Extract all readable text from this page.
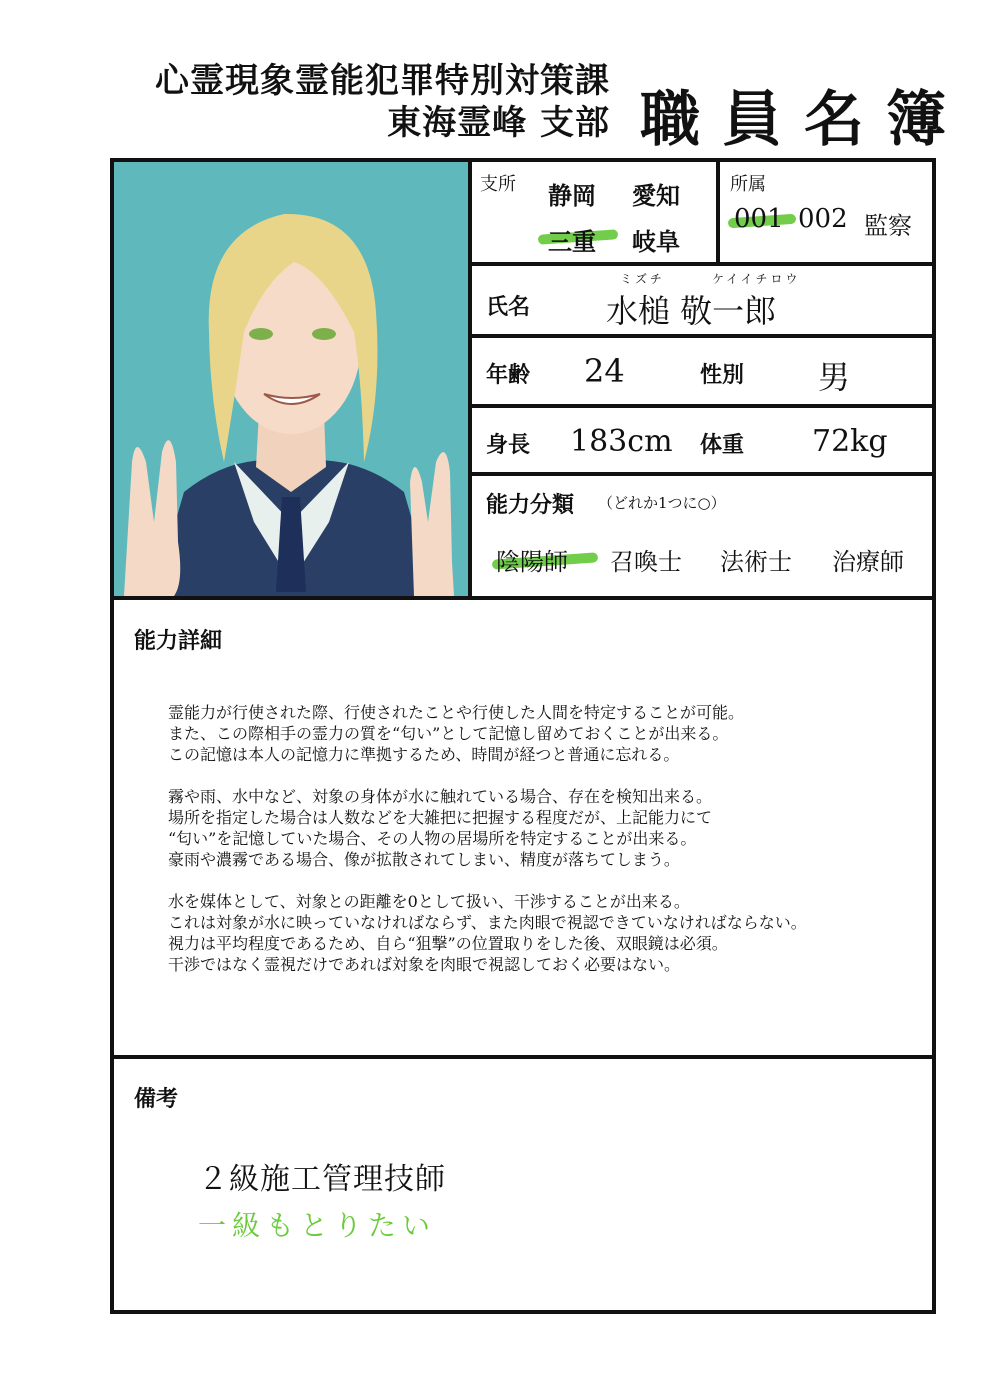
心霊現象霊能犯罪特別対策課
東海霊峰 支部 職員名簿
支所 静岡 愛知
三重 岐阜
所属
001 002 監察
氏名
ミズチ	ケイイチロウ
水槌 敬一郎
年齢 24	性別 男
身長 183cm 体重 72kg
能力分類 （どれか1つに○）
陰陽師 召喚士 法術士 治療師
能力詳細

霊能力が行使された際、行使されたことや行使した人間を特定することが可能。

また、この際相手の霊力の質を“匂い”として記憶し留めておくことが出来る。

この記憶は本人の記憶力に準拠するため、時間が経つと普通に忘れる。

霧や雨、水中など、対象の身体が水に触れている場合、存在を検知出来る。

場所を指定した場合は人数などを大雑把に把握する程度だが、上記能力にて

“匂い”を記憶していた場合、その人物の居場所を特定することが出来る。

豪雨や濃霧である場合、像が拡散されてしまい、精度が落ちてしまう。

水を媒体として、対象との距離を0として扱い、干渉することが出来る。

これは対象が水に映っていなければならず、また肉眼で視認できていなければならない。

視力は平均程度であるため、自ら“狙撃”の位置取りをした後、双眼鏡は必須。

干渉ではなく霊視だけであれば対象を肉眼で視認しておく必要はない。

備考
２級施工管理技師
一級もとりたい
